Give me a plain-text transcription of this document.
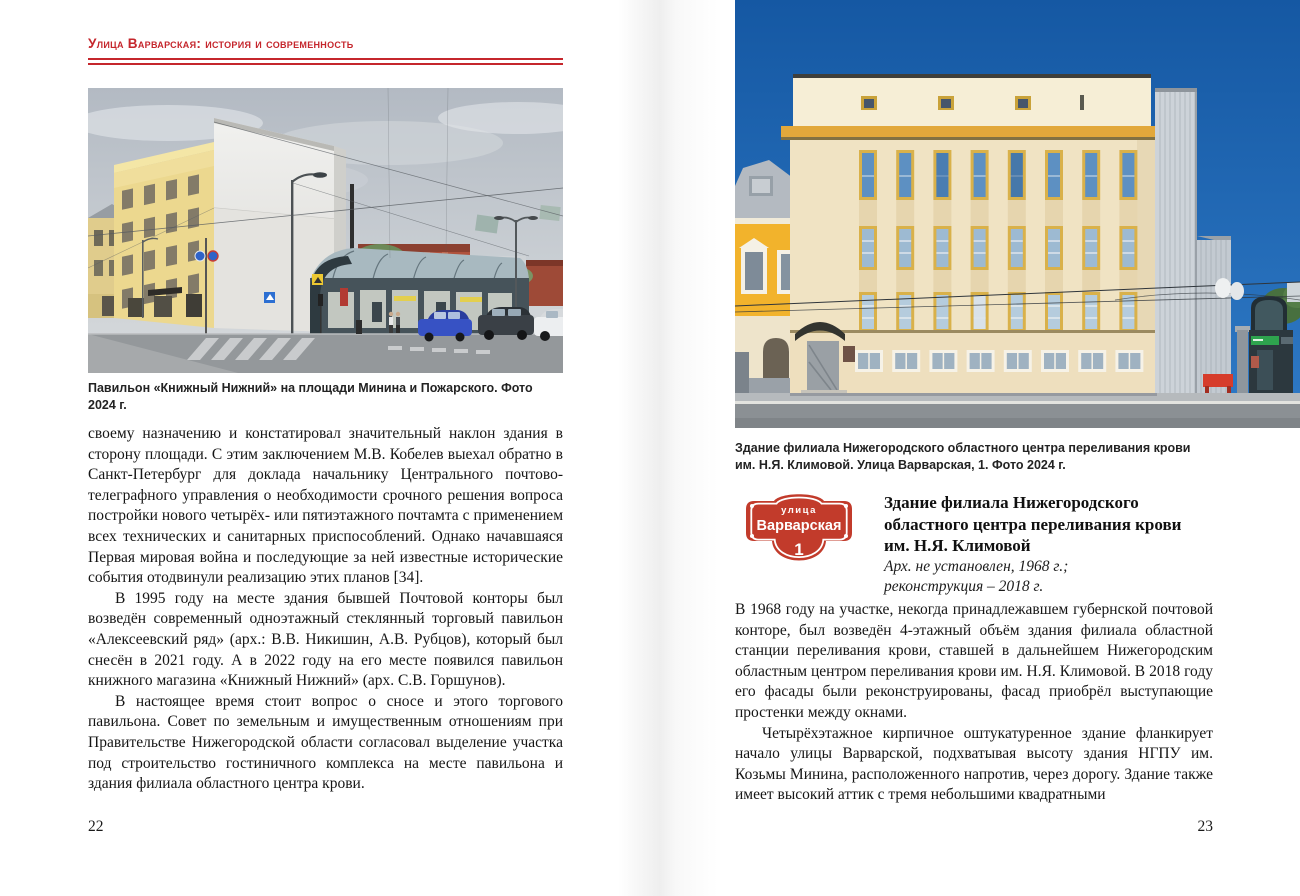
Улица Варварская: история и современность
Павильон «Книжный Нижний» на площади Минина и Пожарского. Фото 2024 г.

своему назначению и констатировал значительный наклон здания в сторону площади. С этим заключением М.В. Кобелев выехал обратно в Санкт-Петербург для доклада начальнику Центрального почтово-телеграфного управления о необходимости срочного решения вопроса постройки нового четырёх- или пятиэтажного почтамта с применением всех технических и санитарных приспособлений. Однако начавшаяся Первая мировая война и последующие за ней известные исторические события отодвинули реализацию этих планов [34].

В 1995 году на месте здания бывшей Почтовой конторы был возведён современный одноэтажный стеклянный торговый павильон «Алексеевский ряд» (арх.: В.В. Никишин, А.В. Рубцов), который был снесён в 2021 году. А в 2022 году на его месте появился павильон книжного магазина «Книжный Нижний» (арх. С.В. Горшунов).

В настоящее время стоит вопрос о сносе и этого торгового павильона. Совет по земельным и имущественным отношениям при Правительстве Нижегородской области согласовал выделение участка под строительство гостиничного комплекса на месте павильона и здания филиала областного центра крови.

22
Здание филиала Нижегородского областного центра переливания крови
им. Н.Я. Климовой. Улица Варварская, 1. Фото 2024 г.
улица
Варварская
1
Здание филиала Нижегородского
областного центра переливания крови
им. Н.Я. Климовой
Арх. не установлен, 1968 г.;
реконструкция – 2018 г.

В 1968 году на участке, некогда принадлежавшем губернской почтовой конторе, был возведён 4-этажный объём здания филиала областной станции переливания крови, ставшей в дальнейшем Нижегородским областным центром переливания крови им. Н.Я. Климовой. В 2018 году его фасады были реконструированы, фасад приобрёл выступающие простенки между окнами.

Четырёхэтажное кирпичное оштукатуренное здание фланкирует начало улицы Варварской, подхватывая высоту здания НГПУ им. Козьмы Минина, расположенного напротив, через дорогу. Здание также имеет высокий аттик с тремя небольшими квадратными

23
